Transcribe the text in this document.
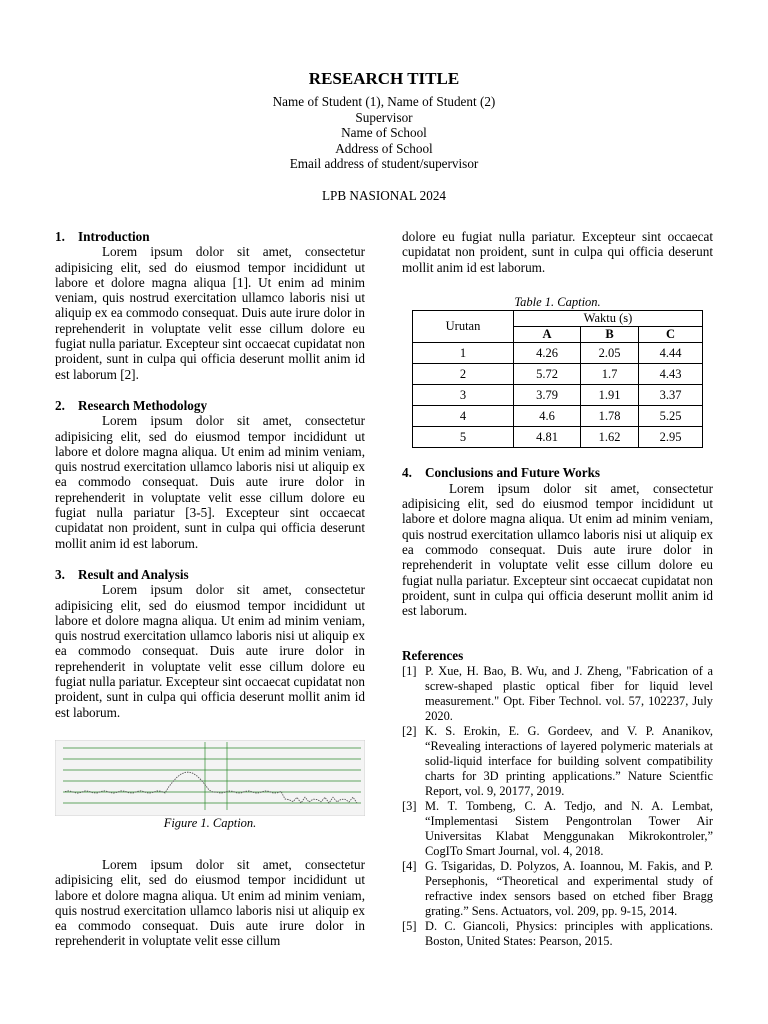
RESEARCH TITLE
Name of Student (1), Name of Student (2)
Supervisor
Name of School
Address of School
Email address of student/supervisor
LPB NASIONAL 2024
1. Introduction

Lorem ipsum dolor sit amet, consectetur adipisicing elit, sed do eiusmod tempor incididunt ut labore et dolore magna aliqua [1]. Ut enim ad minim veniam, quis nostrud exercitation ullamco laboris nisi ut aliquip ex ea commodo consequat. Duis aute irure dolor in reprehenderit in voluptate velit esse cillum dolore eu fugiat nulla pariatur. Excepteur sint occaecat cupidatat non proident, sunt in culpa qui officia deserunt mollit anim id est laborum [2].

2. Research Methodology

Lorem ipsum dolor sit amet, consectetur adipisicing elit, sed do eiusmod tempor incididunt ut labore et dolore magna aliqua. Ut enim ad minim veniam, quis nostrud exercitation ullamco laboris nisi ut aliquip ex ea commodo consequat. Duis aute irure dolor in reprehenderit in voluptate velit esse cillum dolore eu fugiat nulla pariatur [3-5]. Excepteur sint occaecat cupidatat non proident, sunt in culpa qui officia deserunt mollit anim id est laborum.

3. Result and Analysis

Lorem ipsum dolor sit amet, consectetur adipisicing elit, sed do eiusmod tempor incididunt ut labore et dolore magna aliqua. Ut enim ad minim veniam, quis nostrud exercitation ullamco laboris nisi ut aliquip ex ea commodo consequat. Duis aute irure dolor in reprehenderit in voluptate velit esse cillum dolore eu fugiat nulla pariatur. Excepteur sint occaecat cupidatat non proident, sunt in culpa qui officia deserunt mollit anim id est laborum.

Figure 1. Caption.

Lorem ipsum dolor sit amet, consectetur adipisicing elit, sed do eiusmod tempor incididunt ut labore et dolore magna aliqua. Ut enim ad minim veniam, quis nostrud exercitation ullamco laboris nisi ut aliquip ex ea commodo consequat. Duis aute irure dolor in reprehenderit in voluptate velit esse cillum

dolore eu fugiat nulla pariatur. Excepteur sint occaecat cupidatat non proident, sunt in culpa qui officia deserunt mollit anim id est laborum.

Table 1. Caption.
Urutan	Waktu (s)		
	A	B	C
1	4.26	2.05	4.44
2	5.72	1.7	4.43
3	3.79	1.91	3.37
4	4.6	1.78	5.25
5	4.81	1.62	2.95
4. Conclusions and Future Works

Lorem ipsum dolor sit amet, consectetur adipisicing elit, sed do eiusmod tempor incididunt ut labore et dolore magna aliqua. Ut enim ad minim veniam, quis nostrud exercitation ullamco laboris nisi ut aliquip ex ea commodo consequat. Duis aute irure dolor in reprehenderit in voluptate velit esse cillum dolore eu fugiat nulla pariatur. Excepteur sint occaecat cupidatat non proident, sunt in culpa qui officia deserunt mollit anim id est laborum.

References
[1] P. Xue, H. Bao, B. Wu, and J. Zheng, "Fabrication of a screw-shaped plastic optical fiber for liquid level measurement." Opt. Fiber Technol. vol. 57, 102237, July 2020.
[2] K. S. Erokin, E. G. Gordeev, and V. P. Ananikov, “Revealing interactions of layered polymeric materials at solid-liquid interface for building solvent compatibility charts for 3D printing applications.” Nature Scientfic Report, vol. 9, 20177, 2019.
[3] M. T. Tombeng, C. A. Tedjo, and N. A. Lembat, “Implementasi Sistem Pengontrolan Tower Air Universitas Klabat Menggunakan Mikrokontroler,” CogITo Smart Journal, vol. 4, 2018.
[4] G. Tsigaridas, D. Polyzos, A. Ioannou, M. Fakis, and P. Persephonis, “Theoretical and experimental study of refractive index sensors based on etched fiber Bragg grating.” Sens. Actuators, vol. 209, pp. 9-15, 2014.
[5] D. C. Giancoli, Physics: principles with applications. Boston, United States: Pearson, 2015.
